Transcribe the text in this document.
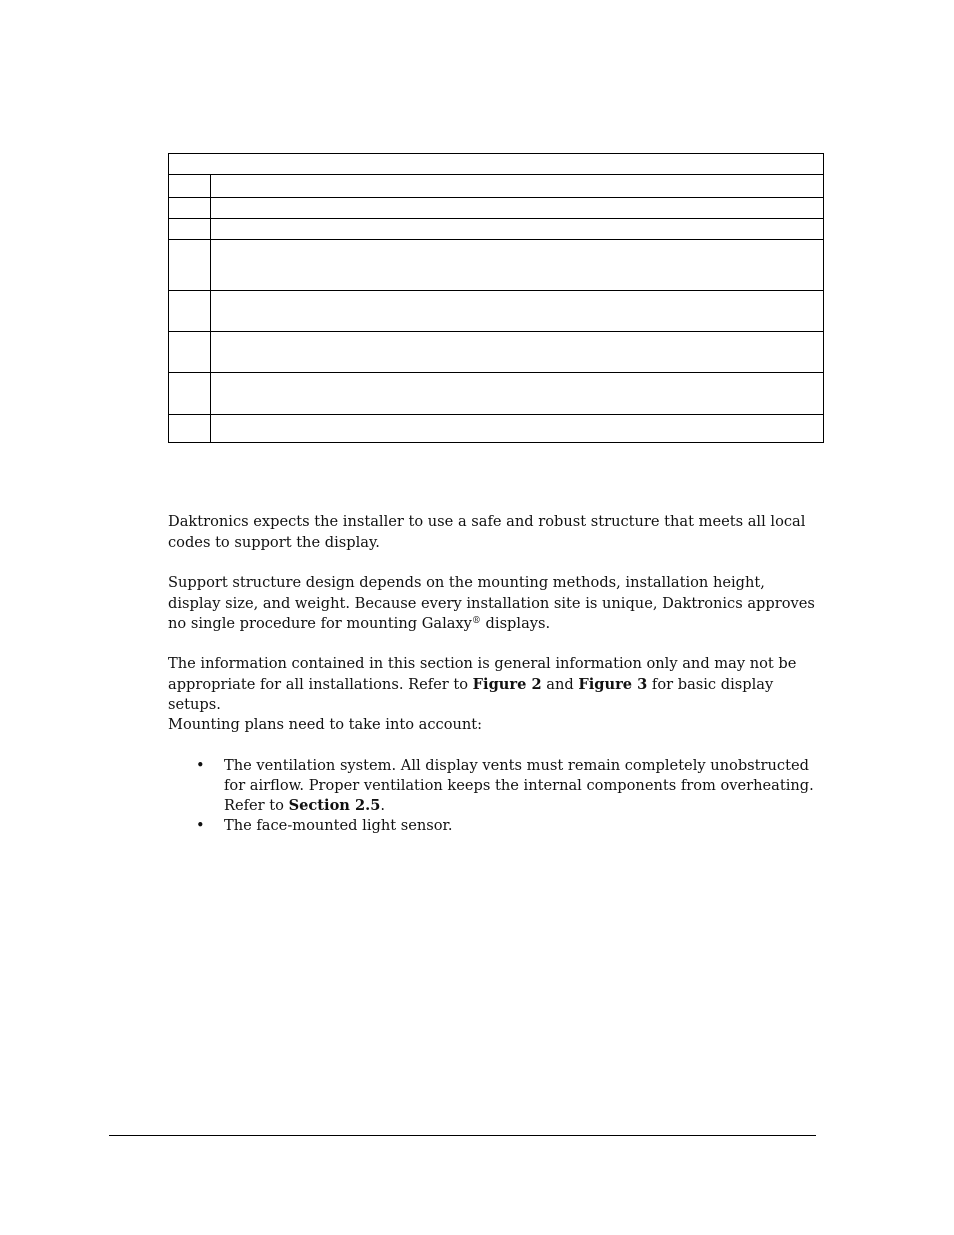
Daktronics expects the installer to use a safe and robust structure that meets all local codes to support the display.

Support structure design depends on the mounting methods, installation height, display size, and weight. Because every installation site is unique, Daktronics approves no single procedure for mounting Galaxy® displays.

The information contained in this section is general information only and may not be appropriate for all installations. Refer to Figure 2 and Figure 3 for basic display setups.

Mounting plans need to take into account:

• The ventilation system. All display vents must remain completely unobstructed for airflow. Proper ventilation keeps the internal components from overheating. Refer to Section 2.5.
• The face-mounted light sensor.
